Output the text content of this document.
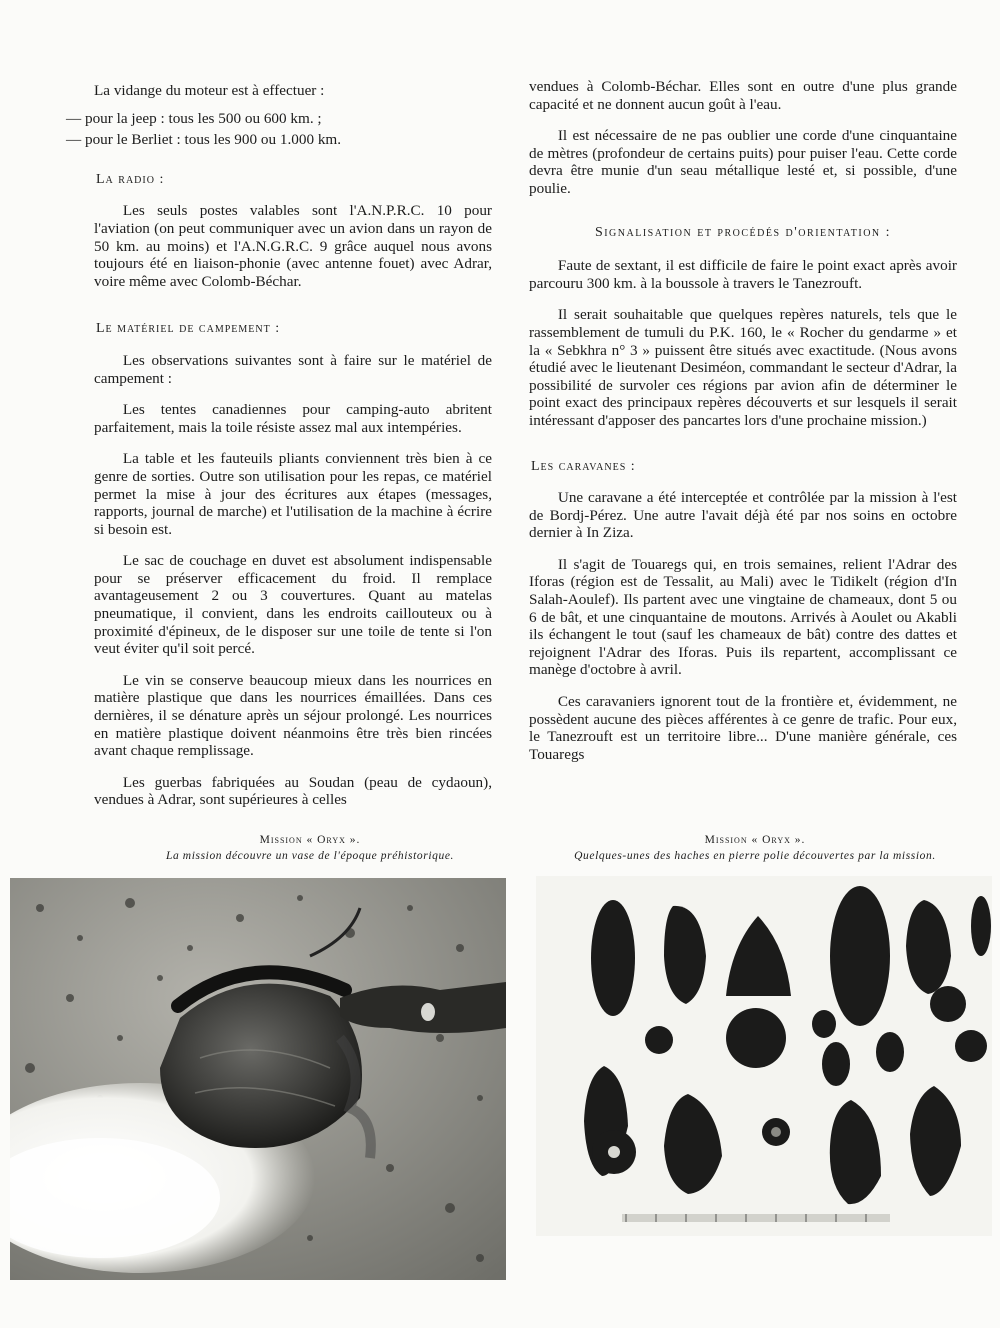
La vidange du moteur est à effectuer :

— pour la jeep : tous les 500 ou 600 km. ;

— pour le Berliet : tous les 900 ou 1.000 km.

La radio :

Les seuls postes valables sont l'A.N.P.R.C. 10 pour l'aviation (on peut communiquer avec un avion dans un rayon de 50 km. au moins) et l'A.N.G.R.C. 9 grâce auquel nous avons toujours été en liaison-phonie (avec antenne fouet) avec Adrar, voire même avec Colomb-Béchar.

Le matériel de campement :

Les observations suivantes sont à faire sur le matériel de campement :

Les tentes canadiennes pour camping-auto abritent parfaitement, mais la toile résiste assez mal aux intempéries.

La table et les fauteuils pliants conviennent très bien à ce genre de sorties. Outre son utilisation pour les repas, ce matériel permet la mise à jour des écritures aux étapes (messages, rapports, journal de marche) et l'utilisation de la machine à écrire si besoin est.

Le sac de couchage en duvet est absolument indispensable pour se préserver efficacement du froid. Il remplace avantageusement 2 ou 3 couvertures. Quant au matelas pneumatique, il convient, dans les endroits caillouteux ou à proximité d'épineux, de le disposer sur une toile de tente si l'on veut éviter qu'il soit percé.

Le vin se conserve beaucoup mieux dans les nourrices en matière plastique que dans les nourrices émaillées. Dans ces dernières, il se dénature après un séjour prolongé. Les nourrices en matière plastique doivent néanmoins être très bien rincées avant chaque remplissage.

Les guerbas fabriquées au Soudan (peau de cydaoun), vendues à Adrar, sont supérieures à celles

vendues à Colomb-Béchar. Elles sont en outre d'une plus grande capacité et ne donnent aucun goût à l'eau.

Il est nécessaire de ne pas oublier une corde d'une cinquantaine de mètres (profondeur de certains puits) pour puiser l'eau. Cette corde devra être munie d'un seau métallique lesté et, si possible, d'une poulie.

Signalisation et procédés d'orientation :

Faute de sextant, il est difficile de faire le point exact après avoir parcouru 300 km. à la boussole à travers le Tanezrouft.

Il serait souhaitable que quelques repères naturels, tels que le rassemblement de tumuli du P.K. 160, le « Rocher du gendarme » et la « Sebkhra n° 3 » puissent être situés avec exactitude. (Nous avons étudié avec le lieutenant Desiméon, commandant le secteur d'Adrar, la possibilité de survoler ces régions par avion afin de déterminer le point exact des principaux repères découverts et sur lesquels il serait intéressant d'apposer des pancartes lors d'une prochaine mission.)

Les caravanes :

Une caravane a été interceptée et contrôlée par la mission à l'est de Bordj-Pérez. Une autre l'avait déjà été par nos soins en octobre dernier à In Ziza.

Il s'agit de Touaregs qui, en trois semaines, relient l'Adrar des Iforas (région est de Tessalit, au Mali) avec le Tidikelt (région d'In Salah-Aoulef). Ils partent avec une vingtaine de chameaux, dont 5 ou 6 de bât, et une cinquantaine de moutons. Arrivés à Aoulet ou Akabli ils échangent le tout (sauf les chameaux de bât) contre des dattes et rejoignent l'Adrar des Iforas. Puis ils repartent, accomplissant ce manège d'octobre à avril.

Ces caravaniers ignorent tout de la frontière et, évidemment, ne possèdent aucune des pièces afférentes à ce genre de trafic. Pour eux, le Tanezrouft est un territoire libre... D'une manière générale, ces Touaregs

Mission « Oryx ».
La mission découvre un vase de l'époque préhistorique.
Mission « Oryx ».
Quelques-unes des haches en pierre polie découvertes par la mission.
